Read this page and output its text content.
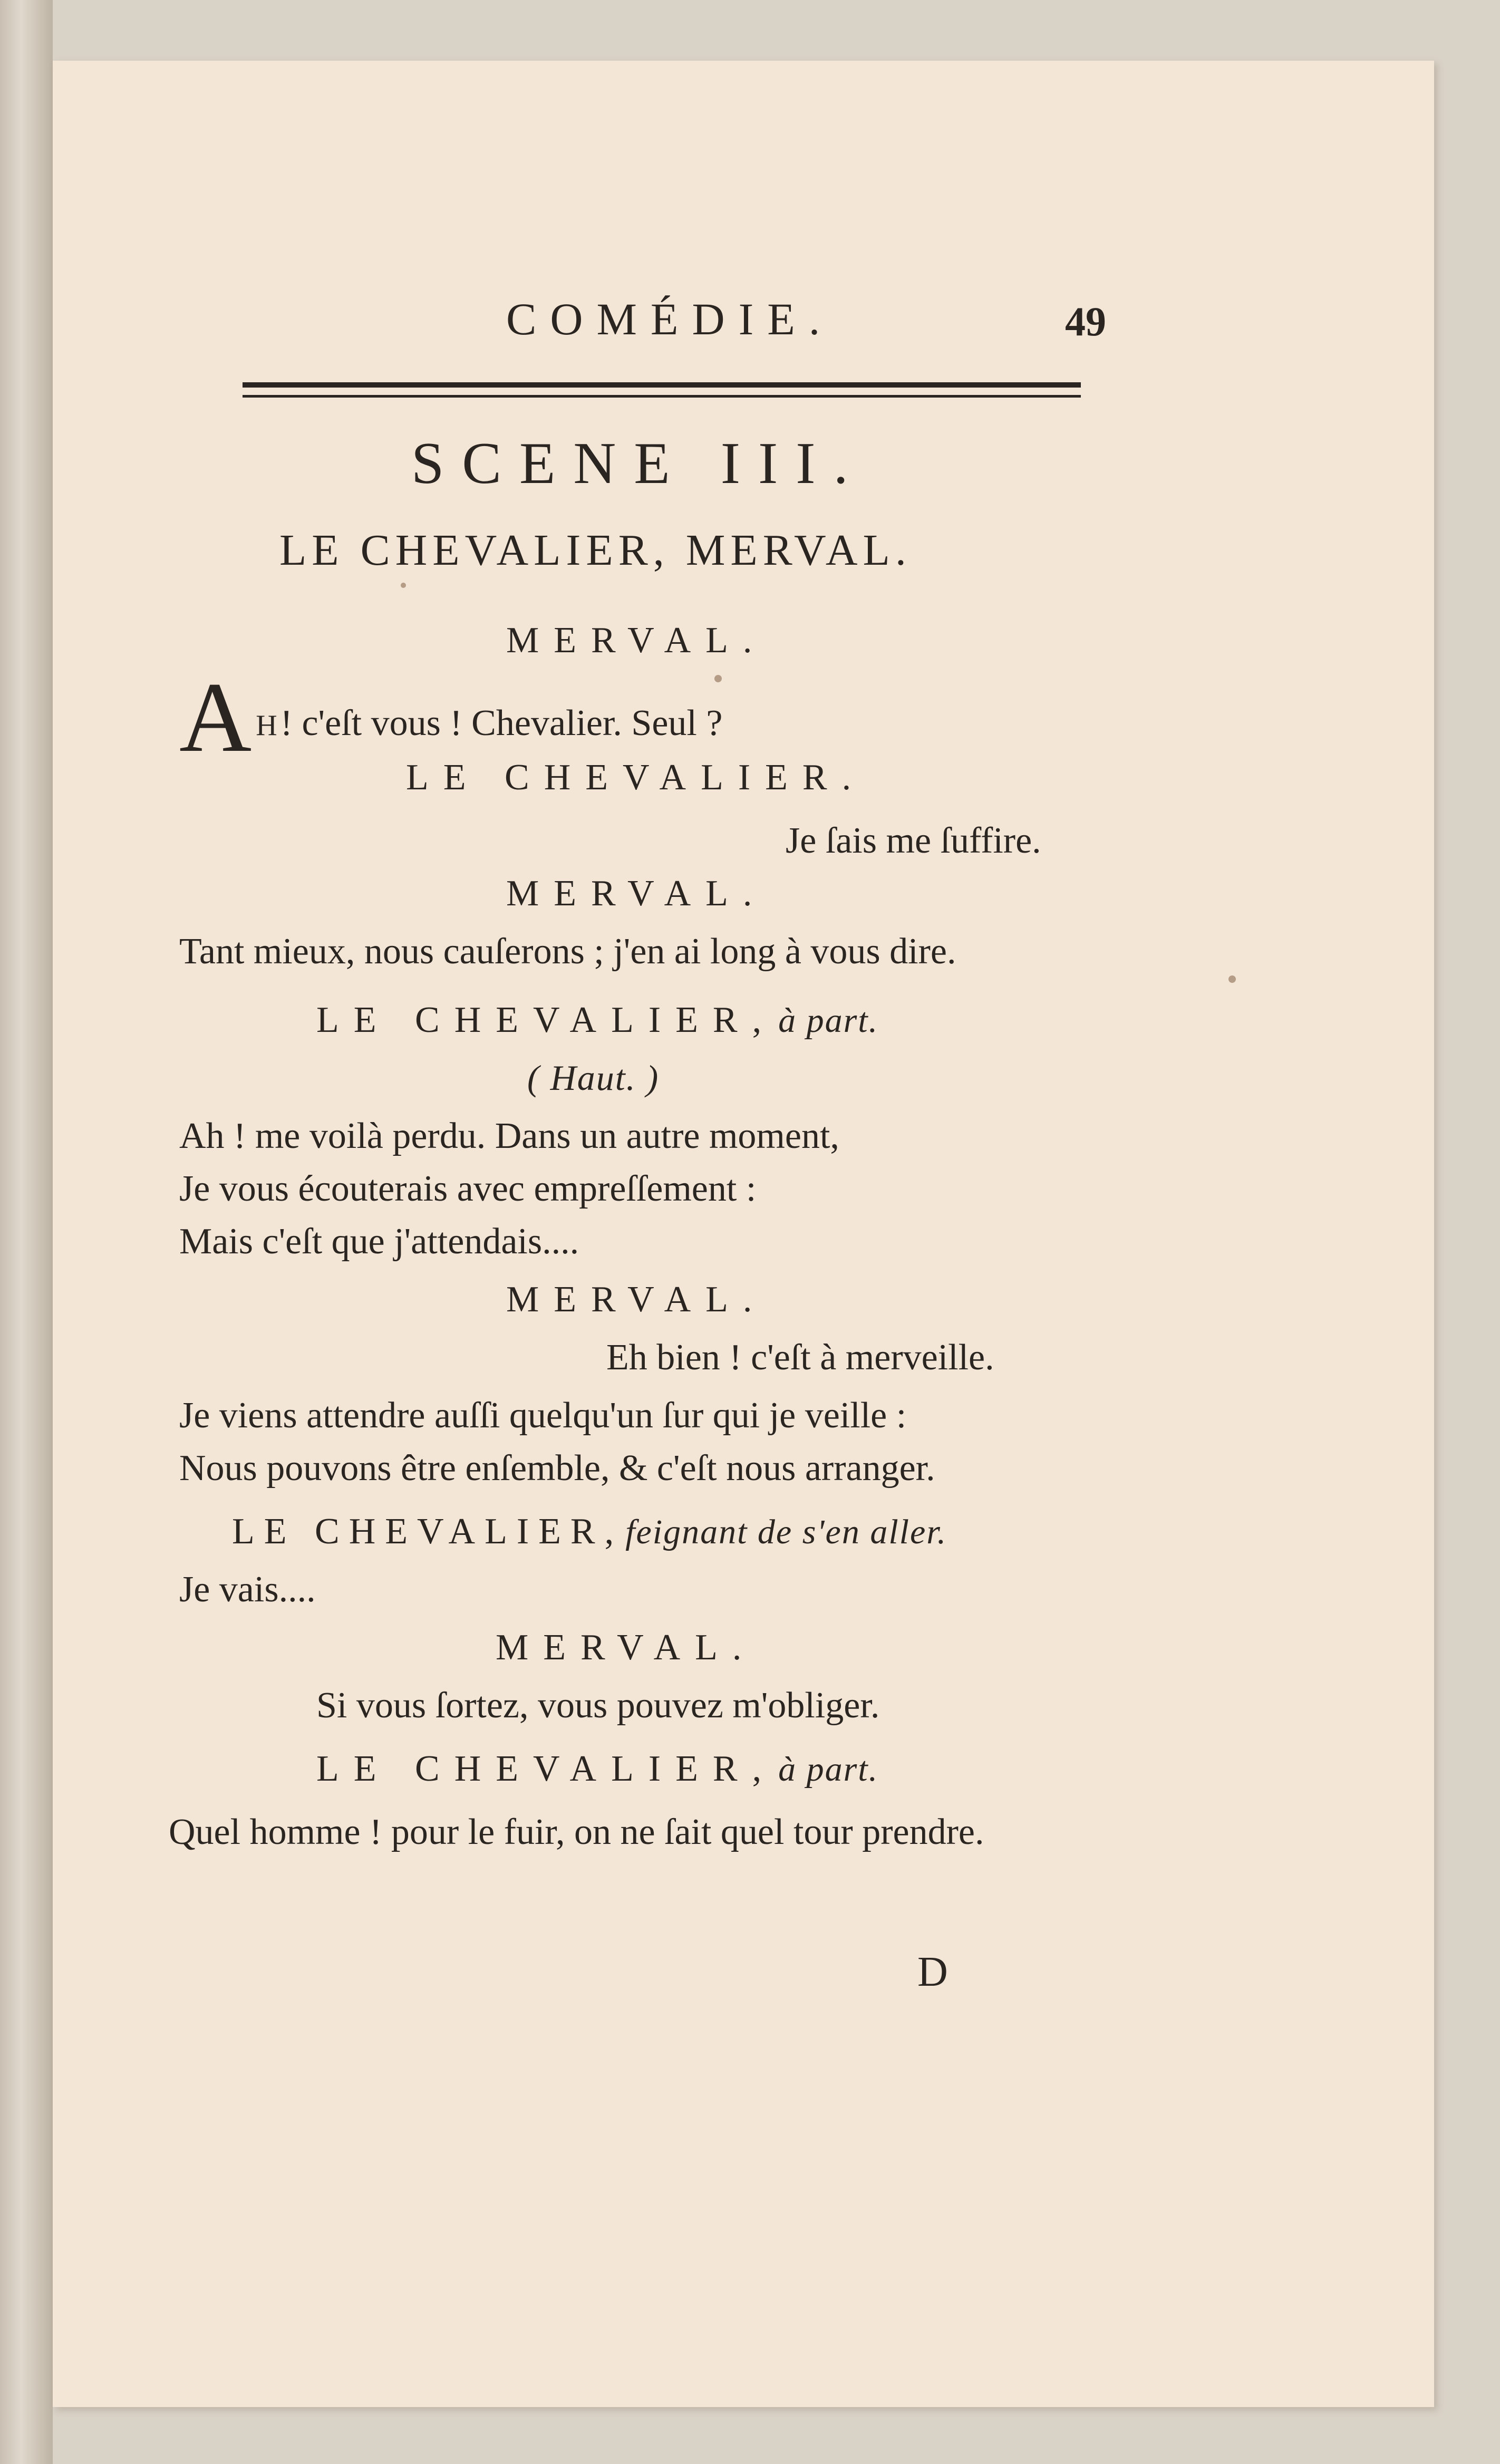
COMÉDIE.	49
SCENE III.
LE CHEVALIER, MERVAL.
MERVAL.
A H! c'eſt vous ! Chevalier. Seul ?
LE CHEVALIER.
Je ſais me ſuffire.
MERVAL.
Tant mieux, nous cauſerons ; j'en ai long à vous dire.
LE CHEVALIER, à part.
( Haut. )
Ah ! me voilà perdu. Dans un autre moment,
Je vous écouterais avec empreſſement :
Mais c'eſt que j'attendais....
MERVAL.
Eh bien ! c'eſt à merveille.
Je viens attendre auſſi quelqu'un ſur qui je veille :
Nous pouvons être enſemble, & c'eſt nous arranger.
LE CHEVALIER, feignant de s'en aller.
Je vais....
MERVAL.
Si vous ſortez, vous pouvez m'obliger.
LE CHEVALIER, à part.
Quel homme ! pour le fuir, on ne ſait quel tour prendre.
D
